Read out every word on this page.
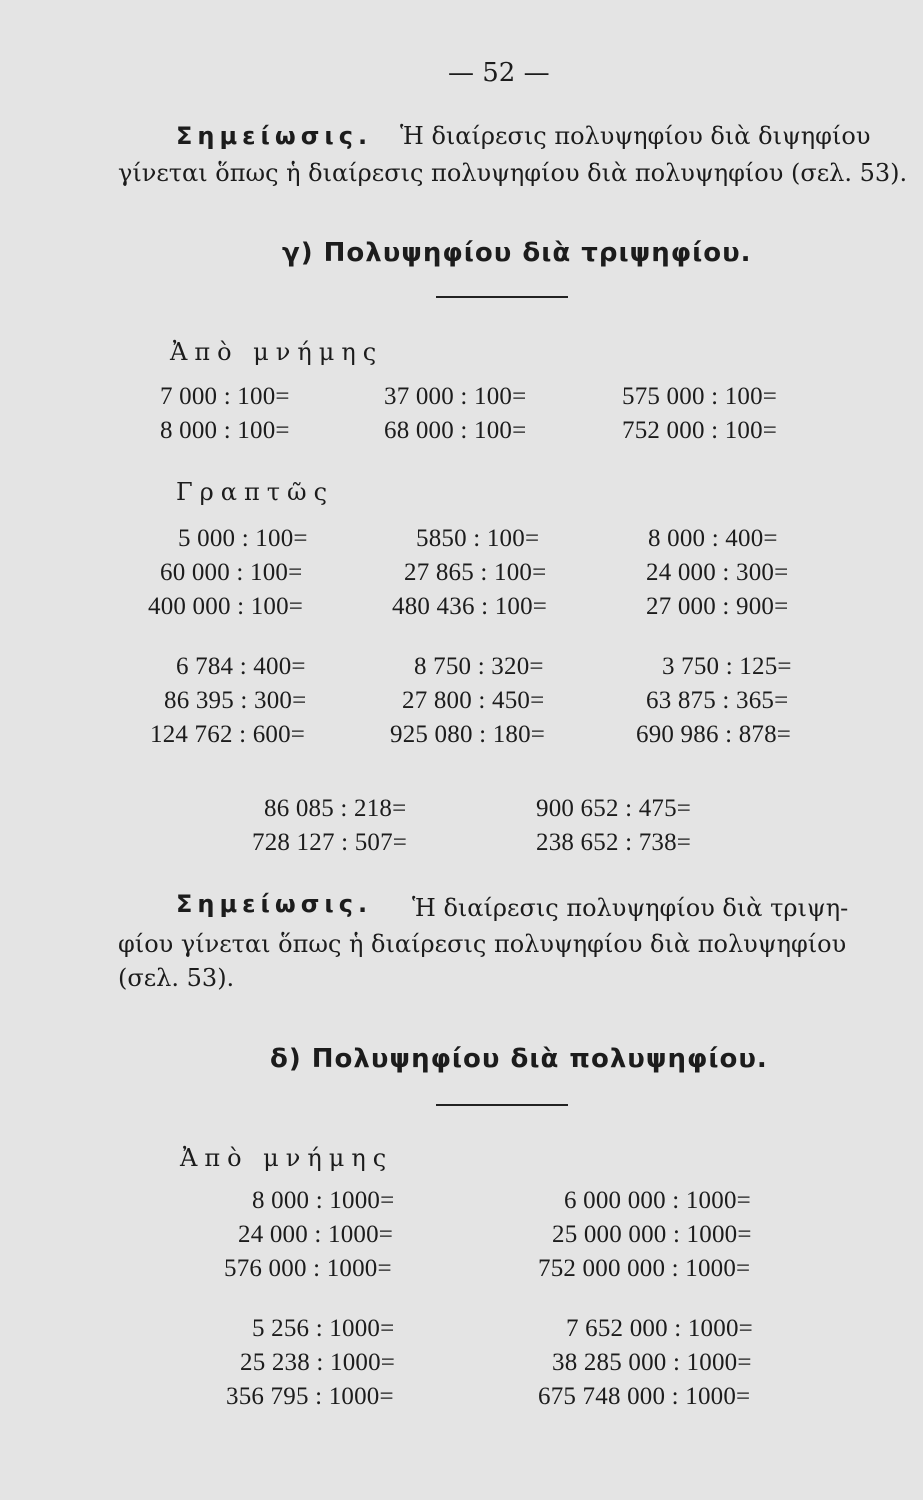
— 52 —
Σημείωσις. Ἡ διαίρεσις πολυψηφίου διὰ διψηφίου
γίνεται ὅπως ἡ διαίρεσις πολυψηφίου διὰ πολυψηφίου (σελ. 53).
γ) Πολυψηφίου διὰ τριψηφίου.
Ἀπὸ μνήμης
7 000 : 100=	37 000 : 100=	575 000 : 100=
8 000 : 100=	68 000 : 100=	752 000 : 100=
Γραπτῶς
5 000 : 100=	5850 : 100=	8 000 : 400=
60 000 : 100=	27 865 : 100=	24 000 : 300=
400 000 : 100=	480 436 : 100=	27 000 : 900=
6 784 : 400=	8 750 : 320=	3 750 : 125=
86 395 : 300=	27 800 : 450=	63 875 : 365=
124 762 : 600=	925 080 : 180=	690 986 : 878=
86 085 : 218=	900 652 : 475=
728 127 : 507=	238 652 : 738=
Σημείωσις. Ἡ διαίρεσις πολυψηφίου διὰ τριψη-
φίου γίνεται ὅπως ἡ διαίρεσις πολυψηφίου διὰ πολυψηφίου
(σελ. 53).
δ) Πολυψηφίου διὰ πολυψηφίου.
Ἀπὸ μνήμης
8 000 : 1000=	6 000 000 : 1000=
24 000 : 1000=	25 000 000 : 1000=
576 000 : 1000=	752 000 000 : 1000=
5 256 : 1000=	7 652 000 : 1000=
25 238 : 1000=	38 285 000 : 1000=
356 795 : 1000=	675 748 000 : 1000=
